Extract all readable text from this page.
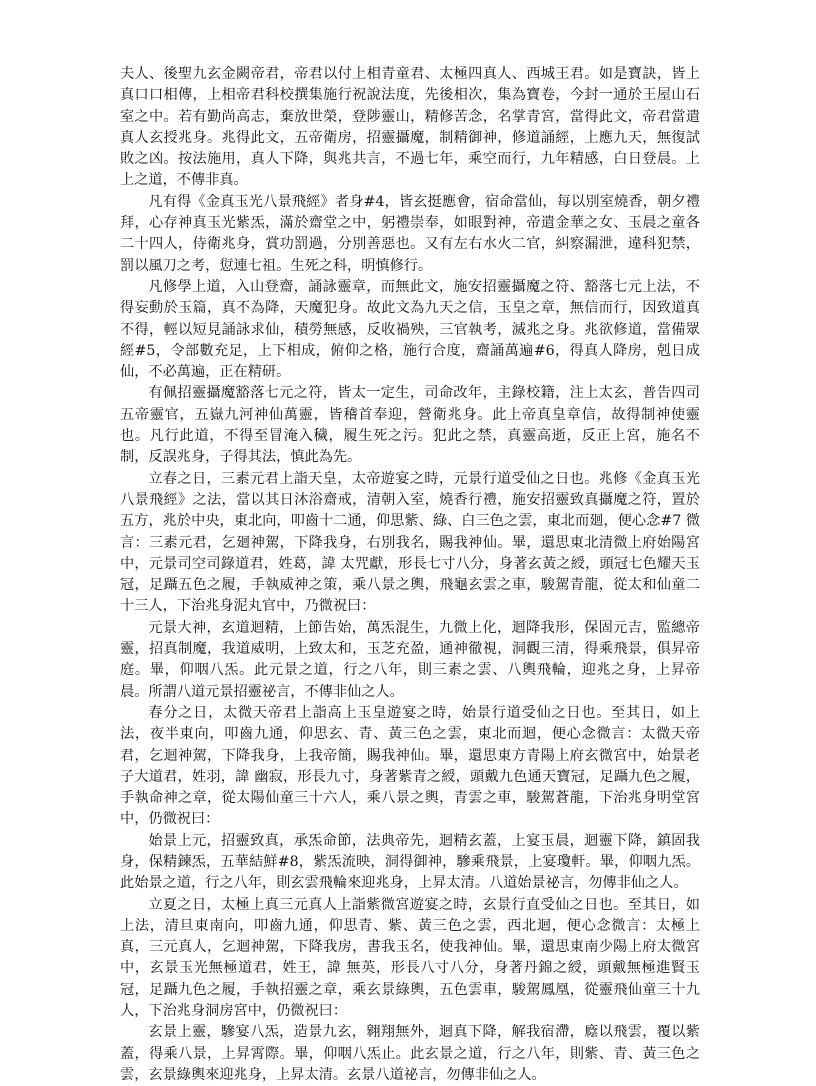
夫人、後聖九玄金闕帝君，帝君以付上相青童君、太極四真人、西城王君。如是寶訣，皆上真口口相傳，上相帝君科校撰集施行祝說法度，先後相次，集為寶卷，今封一通於王屋山石室之中。若有勤尚高志，棄放世榮，登陟靈山，精修苦念，名掌青宮，當得此文，帝君當遣真人玄授兆身。兆得此文，五帝衛房，招靈攝魔，制精御神，修道誦經，上應九天，無復試敗之凶。按法施用，真人下降，與兆共言，不過七年，乘空而行，九年精感，白日登晨。上上之道，不傳非真。

凡有得《金真玉光八景飛經》者身#4，皆玄挺應會，宿命當仙，每以別室燒香，朝夕禮拜，心存神真玉光紫炁，滿於齋堂之中，躬禮崇奉，如眼對神，帝遣金華之女、玉晨之童各二十四人，侍衛兆身，賞功罰過，分別善惡也。又有左右水火二官，糾察漏泄，違科犯禁，罰以風刀之考，愆連七祖。生死之科，明慎修行。

凡修學上道，入山登齋，誦詠靈章，而無此文，施安招靈攝魔之符、豁落七元上法，不得妄動於玉篇，真不為降，天魔犯身。故此文為九天之信，玉皇之章，無信而行，因致道真不得，輕以短見誦詠求仙，積勞無感，反收禍殃，三官執考，滅兆之身。兆欲修道，當備眾經#5，令部數充足，上下相成，俯仰之格，施行合度，齋誦萬遍#6，得真人降房，剋日成仙，不必萬遍，正在精研。

有佩招靈攝魔豁落七元之符，皆太一定生，司命改年，主錄校籍，注上太玄，普告四司五帝靈官，五嶽九河神仙萬靈，皆稽首奉迎，營衛兆身。此上帝真皇章信，故得制神使靈也。凡行此道，不得至冒淹入穢，履生死之污。犯此之禁，真靈高逝，反正上宮，施名不制，反誤兆身，子得其法，慎此為先。

立春之日，三素元君上詣天皇，太帝遊宴之時，元景行道受仙之日也。兆修《金真玉光八景飛經》之法，當以其日沐浴齋戒，清朝入室，燒香行禮，施安招靈致真攝魔之符，置於五方，兆於中央，東北向，叩齒十二通，仰思紫、綠、白三色之雲，東北而廻，便心念#7 微言：三素元君，乞廻神駕，下降我身，右別我名，賜我神仙。畢，還思東北清微上府始陽宮中，元景司空司錄道君，姓葛，諱 太咒獻，形長七寸八分，身著玄黃之綬，頭冠七色耀天玉冠，足躡五色之履，手執威神之策，乘八景之輿，飛龜玄雲之車，駿駕青龍，從太和仙童二十三人，下治兆身泥丸官中，乃微祝曰：

元景大神，玄道迴精，上節告始，萬炁混生，九微上化，迴降我形，保固元吉，監總帝靈，招真制魔，我道威明，上致太和，玉芝充盈，通神徹視，洞觀三清，得乘飛景，俱昇帝庭。畢，仰咽八炁。此元景之道，行之八年，則三素之雲、八輿飛輪，迎兆之身，上昇帝晨。所謂八道元景招靈祕言，不傳非仙之人。

春分之日，太微天帝君上詣高上玉皇遊宴之時，始景行道受仙之日也。至其日，如上法，夜半東向，叩齒九通，仰思玄、青、黃三色之雲，東北而迴，便心念微言：太微天帝君，乞迴神駕，下降我身，上我帝簡，賜我神仙。畢，還思東方青陽上府玄微宮中，始景老子大道君，姓羽，諱 幽寂，形長九寸，身著紫青之綬，頭戴九色通天寶冠，足躡九色之履，手執命神之章，從太陽仙童三十六人，乘八景之輿，青雲之車，駿駕蒼龍，下治兆身明堂宮中，仍微祝曰：

始景上元，招靈致真，承炁命節，法典帝先，迴精玄蓋，上宴玉晨，迴靈下降，鎮固我身，保精鍊炁，五華結鮮#8，紫炁流映，洞得御神，驂乘飛景，上宴瓊軒。畢，仰咽九炁。此始景之道，行之八年，則玄雲飛輪來迎兆身，上昇太清。八道始景祕言，勿傳非仙之人。

立夏之日，太極上真三元真人上詣紫微宮遊宴之時，玄景行直受仙之日也。至其日，如上法，清旦東南向，叩齒九通，仰思青、紫、黃三色之雲，西北迴，便心念微言：太極上真，三元真人，乞迴神駕，下降我房，書我玉名，使我神仙。畢，還思東南少陽上府太微宮中，玄景玉光無極道君，姓王，諱 無英，形長八寸八分，身著丹錦之綬，頭戴無極進賢玉冠，足躡九色之履，手執招靈之章，乘玄景綠輿，五色雲車，駿駕鳳凰，從靈飛仙童三十九人，下治兆身洞房宮中，仍微祝曰：

玄景上靈，驂宴八炁，造景九玄，翱翔無外，迴真下降，解我宿滯，廕以飛雲，覆以紫蓋，得乘八景，上昇霄際。畢，仰咽八炁止。此玄景之道，行之八年，則紫、青、黃三色之雲，玄景綠輿來迎兆身，上昇太清。玄景八道祕言，勿傳非仙之人。
